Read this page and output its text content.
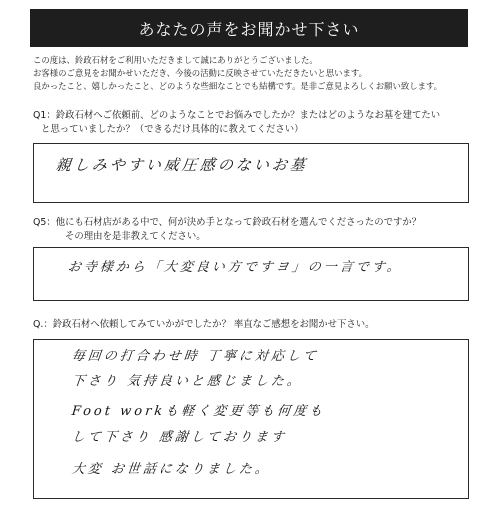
あなたの声をお聞かせ下さい
この度は、鈴政石材をご利用いただきまして誠にありがとうございました。
お客様のご意見をお聞かせいただき、今後の活動に反映させていただきたいと思います。
良かったこと、嬉しかったこと、どのような些細なことでも結構です。是非ご意見よろしくお願い致します。
Q1：鈴政石材へご依頼前、どのようなことでお悩みでしたか？またはどのようなお墓を建てたい
と思っていましたか？（できるだけ具体的に教えてください）
親しみやすい威圧感のないお墓
Q5：他にも石材店がある中で、何が決め手となって鈴政石材を選んでくださったのですか？
その理由を是非教えてください。
お寺様から「大変良い方ですヨ」の一言です。
Q.：鈴政石材へ依頼してみていかがでしたか？ 率直なご感想をお聞かせ下さい。
毎回の打合わせ時 丁寧に対応して
下さり 気持良いと感じました。
Foot workも軽く変更等も何度も
して下さり 感謝しております
大変 お世話になりました。
